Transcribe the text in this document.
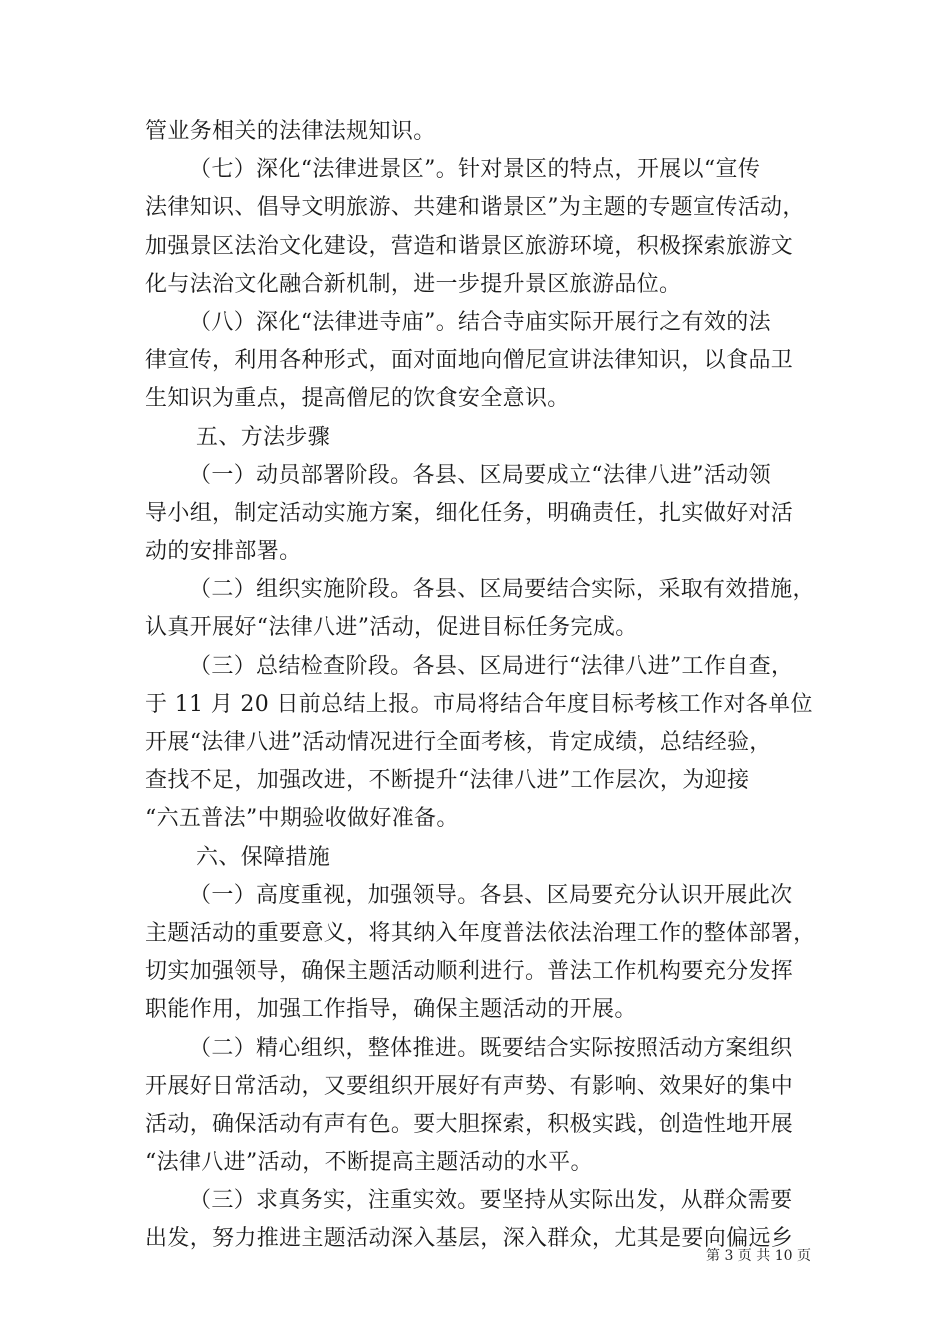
管业务相关的法律法规知识。
（七）深化“法律进景区”。针对景区的特点，开展以“宣传
法律知识、倡导文明旅游、共建和谐景区”为主题的专题宣传活动，
加强景区法治文化建设，营造和谐景区旅游环境，积极探索旅游文
化与法治文化融合新机制，进一步提升景区旅游品位。
（八）深化“法律进寺庙”。结合寺庙实际开展行之有效的法
律宣传，利用各种形式，面对面地向僧尼宣讲法律知识，以食品卫
生知识为重点，提高僧尼的饮食安全意识。
五、方法步骤
（一）动员部署阶段。各县、区局要成立“法律八进”活动领
导小组，制定活动实施方案，细化任务，明确责任，扎实做好对活
动的安排部署。
（二）组织实施阶段。各县、区局要结合实际，采取有效措施，
认真开展好“法律八进”活动，促进目标任务完成。
（三）总结检查阶段。各县、区局进行“法律八进”工作自查，
于 11 月 20 日前总结上报。市局将结合年度目标考核工作对各单位
开展“法律八进”活动情况进行全面考核，肯定成绩，总结经验，
查找不足，加强改进，不断提升“法律八进”工作层次，为迎接
“六五普法”中期验收做好准备。
六、保障措施
（一）高度重视，加强领导。各县、区局要充分认识开展此次
主题活动的重要意义，将其纳入年度普法依法治理工作的整体部署，
切实加强领导，确保主题活动顺利进行。普法工作机构要充分发挥
职能作用，加强工作指导，确保主题活动的开展。
（二）精心组织，整体推进。既要结合实际按照活动方案组织
开展好日常活动，又要组织开展好有声势、有影响、效果好的集中
活动，确保活动有声有色。要大胆探索，积极实践，创造性地开展
“法律八进”活动，不断提高主题活动的水平。
（三）求真务实，注重实效。要坚持从实际出发，从群众需要
出发，努力推进主题活动深入基层，深入群众，尤其是要向偏远乡
第 3 页 共 10 页
